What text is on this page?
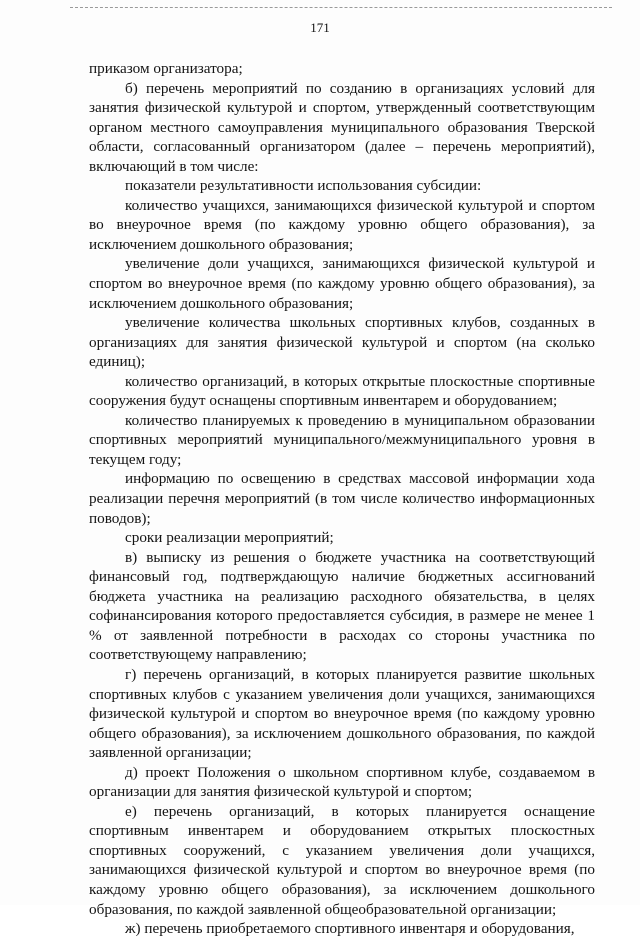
171

приказом организатора;

б) перечень мероприятий по созданию в организациях условий для занятия физической культурой и спортом, утвержденный соответствующим органом местного самоуправления муниципального образования Тверской области, согласованный организатором (далее – перечень мероприятий), включающий в том числе:

показатели результативности использования субсидии:

количество учащихся, занимающихся физической культурой и спортом во внеурочное время (по каждому уровню общего образования), за исключением дошкольного образования;

увеличение доли учащихся, занимающихся физической культурой и спортом во внеурочное время (по каждому уровню общего образования), за исключением дошкольного образования;

увеличение количества школьных спортивных клубов, созданных в организациях для занятия физической культурой и спортом (на сколько единиц);

количество организаций, в которых открытые плоскостные спортивные сооружения будут оснащены спортивным инвентарем и оборудованием;

количество планируемых к проведению в муниципальном образовании спортивных мероприятий муниципального/межмуниципального уровня в текущем году;

информацию по освещению в средствах массовой информации хода реализации перечня мероприятий (в том числе количество информационных поводов);

сроки реализации мероприятий;

в) выписку из решения о бюджете участника на соответствующий финансовый год, подтверждающую наличие бюджетных ассигнований бюджета участника на реализацию расходного обязательства, в целях софинансирования которого предоставляется субсидия, в размере не менее 1 % от заявленной потребности в расходах со стороны участника по соответствующему направлению;

г) перечень организаций, в которых планируется развитие школьных спортивных клубов с указанием увеличения доли учащихся, занимающихся физической культурой и спортом во внеурочное время (по каждому уровню общего образования), за исключением дошкольного образования, по каждой заявленной организации;

д) проект Положения о школьном спортивном клубе, создаваемом в организации для занятия физической культурой и спортом;

е) перечень организаций, в которых планируется оснащение спортивным инвентарем и оборудованием открытых плоскостных спортивных сооружений, с указанием увеличения доли учащихся, занимающихся физической культурой и спортом во внеурочное время (по каждому уровню общего образования), за исключением дошкольного образования, по каждой заявленной общеобразовательной организации;

ж) перечень приобретаемого спортивного инвентаря и оборудования,
